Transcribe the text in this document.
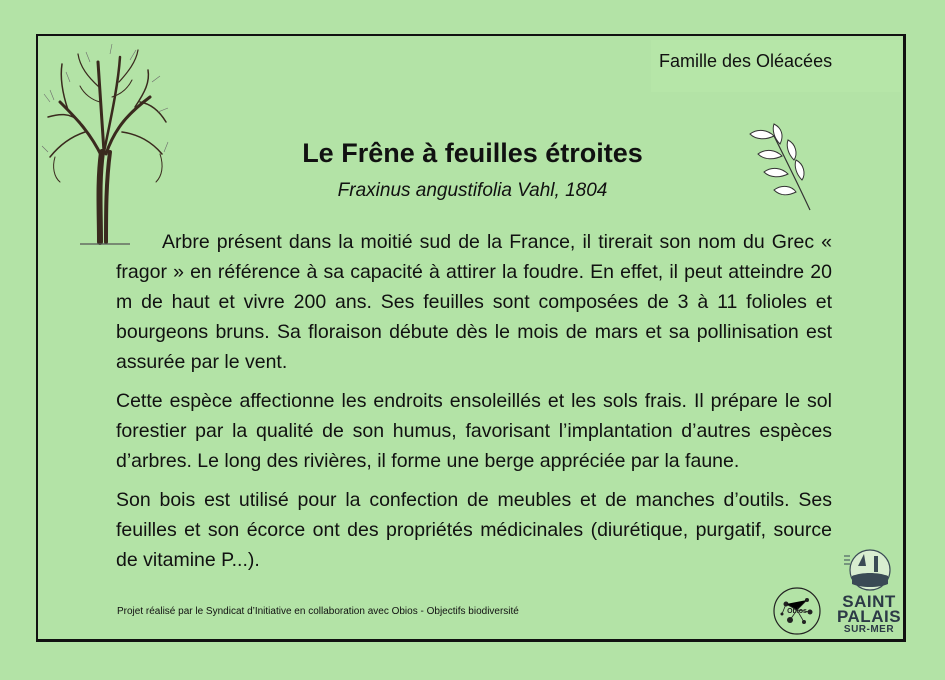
Famille des Oléacées
Le Frêne à feuilles étroites
Fraxinus angustifolia Vahl, 1804

Arbre présent dans la moitié sud de la France, il tirerait son nom du Grec « fragor » en référence à sa capacité à attirer la foudre. En effet, il peut atteindre 20 m de haut et vivre 200 ans. Ses feuilles sont composées de 3 à 11 folioles et bourgeons bruns. Sa floraison débute dès le mois de mars et sa pollinisation est assurée par le vent.

Cette espèce affectionne les endroits ensoleillés et les sols frais. Il prépare le sol forestier par la qualité de son humus, favorisant l’implantation d’autres espèces d’arbres. Le long des rivières, il forme une berge appréciée par la faune.

Son bois est utilisé pour la confection de meubles et de manches d’outils. Ses feuilles et son écorce ont des propriétés médicinales (diurétique, purgatif, source de vitamine P...).

Projet réalisé par le Syndicat d’Initiative en collaboration avec Obios - Objectifs biodiversité	Obios
SAINT
PALAIS
SUR-MER
